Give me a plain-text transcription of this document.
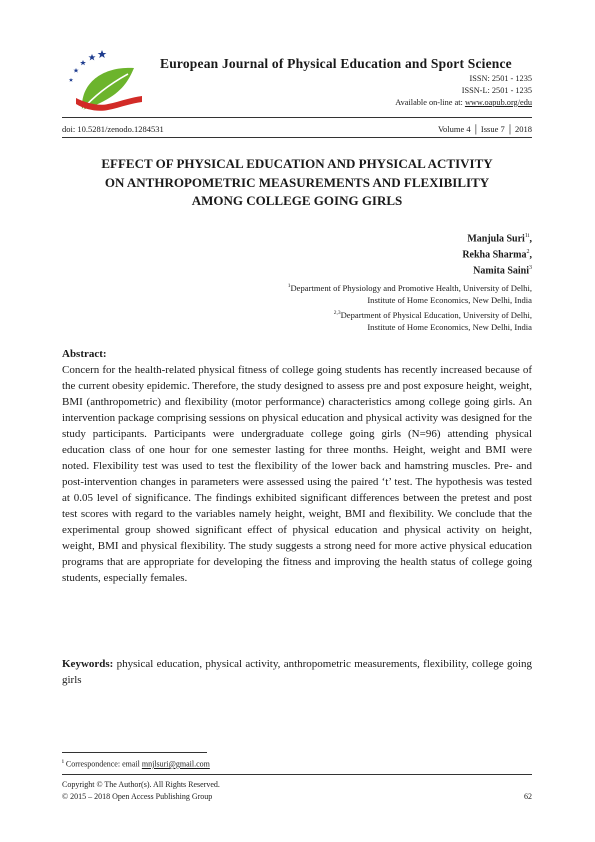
European Journal of Physical Education and Sport Science
ISSN: 2501 - 1235
ISSN-L: 2501 - 1235
Available on-line at: www.oapub.org/edu
doi: 10.5281/zenodo.1284531	Volume 4 │ Issue 7 │ 2018
EFFECT OF PHYSICAL EDUCATION AND PHYSICAL ACTIVITY
ON ANTHROPOMETRIC MEASUREMENTS AND FLEXIBILITY
AMONG COLLEGE GOING GIRLS
Manjula Suri$^{1i}$,
Rekha Sharma$^2$,
Namita Saini$^3$
$^1$Department of Physiology and Promotive Health, University of Delhi,
Institute of Home Economics, New Delhi, India
$^{2,3}$Department of Physical Education, University of Delhi,
Institute of Home Economics, New Delhi, India
Abstract:
Concern for the health-related physical fitness of college going students has recently increased because of the current obesity epidemic. Therefore, the study designed to assess pre and post exposure height, weight, BMI (anthropometric) and flexibility (motor performance) characteristics among college going girls. An intervention package comprising sessions on physical education and physical activity was designed for the study participants. Participants were undergraduate college going girls (N=96) attending physical education class of one hour for one semester lasting for three months. Height, weight and BMI were noted. Flexibility test was used to test the flexibility of the lower back and hamstring muscles. Pre- and post-intervention changes in parameters were assessed using the paired ‘t’ test. The hypothesis was tested at 0.05 level of significance. The findings exhibited significant differences between the pretest and post test scores with regard to the variables namely height, weight, BMI and flexibility. We conclude that the experimental group showed significant effect of physical education and physical activity on height, weight, BMI and physical flexibility. The study suggests a strong need for more active physical education programs that are appropriate for developing the fitness and improving the health status of college going students, especially females.
Keywords: physical education, physical activity, anthropometric measurements, flexibility, college going girls
$^i$ Correspondence: email mnjlsuri@gmail.com
Copyright © The Author(s). All Rights Reserved.
© 2015 – 2018 Open Access Publishing Group	62
